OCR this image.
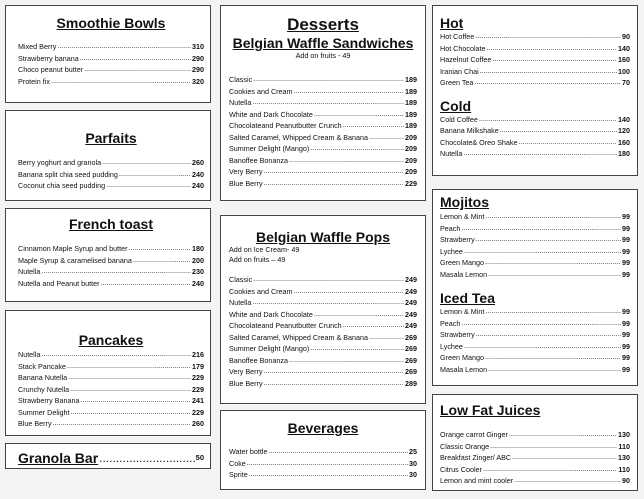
Smoothie Bowls
Mixed Berry .....	310
Strawberry banana .....	290
Choco peanut butter .....	290
Protein fix .....	320
Parfaits
Berry yoghurt and granola .....	260
Banana split chia seed pudding .....	240
Coconut chia seed pudding .....	240
French toast
Cinnamon Maple Syrup and butter .....	180
Maple Syrup & caramelised banana .....	200
Nutella .....	230
Nutella and Peanut butter .....	240
Pancakes
Nutella .....	216
Stack Pancake .....	179
Banana Nutella .....	229
Crunchy Nutella .....	229
Strawberry Banana .....	241
Summer Delight .....	229
Blue Berry .....	260
Granola Bar .....	50
Desserts
Belgian Waffle Sandwiches
Add on fruits - 49
Classic .....	189
Cookies and Cream .....	189
Nutella .....	189
White and Dark Chocolate .....	189
Chocolateand Peanutbutter Crunch .....	189
Salted Caramel, Whipped Cream & Banana .....	209
Summer Delight (Mango) .....	209
Banoffee Bonanza .....	209
Very Berry .....	209
Blue Berry .....	229
Belgian Waffle Pops
Add on Ice Cream- 49
Add on fruits – 49
Classic .....	249
Cookies and Cream .....	249
Nutella .....	249
White and Dark Chocolate .....	249
Chocolateand Peanutbutter Crunch .....	249
Salted Caramel, Whipped Cream & Banana .....	269
Summer Delight (Mango) .....	269
Banoffee Bonanza .....	269
Very Berry .....	269
Blue Berry .....	289
Beverages
Water bottle .....	25
Coke .....	30
Sprite .....	30
Hot
Hot Coffee .....	90
Hot Chocolate .....	140
Hazelnut Coffee .....	160
Iranian Chai .....	100
Green Tea .....	70
Cold
Cold Coffee .....	140
Banana Milkshake .....	120
Chocolate& Oreo Shake .....	160
Nutella .....	180
Mojitos
Lemon & Mint .....	99
Peach .....	99
Strawberry .....	99
Lychee .....	99
Green Mango .....	99
Masala Lemon .....	99
Iced Tea
Lemon & Mint .....	99
Peach .....	99
Strawberry .....	99
Lychee .....	99
Green Mango .....	99
Masala Lemon .....	99
Low Fat Juices
Orange carrot Ginger .....	130
Classic Orange .....	110
Breakfast Zinger/ ABC .....	130
Citrus Cooler .....	110
Lemon and mint cooler .....	90
